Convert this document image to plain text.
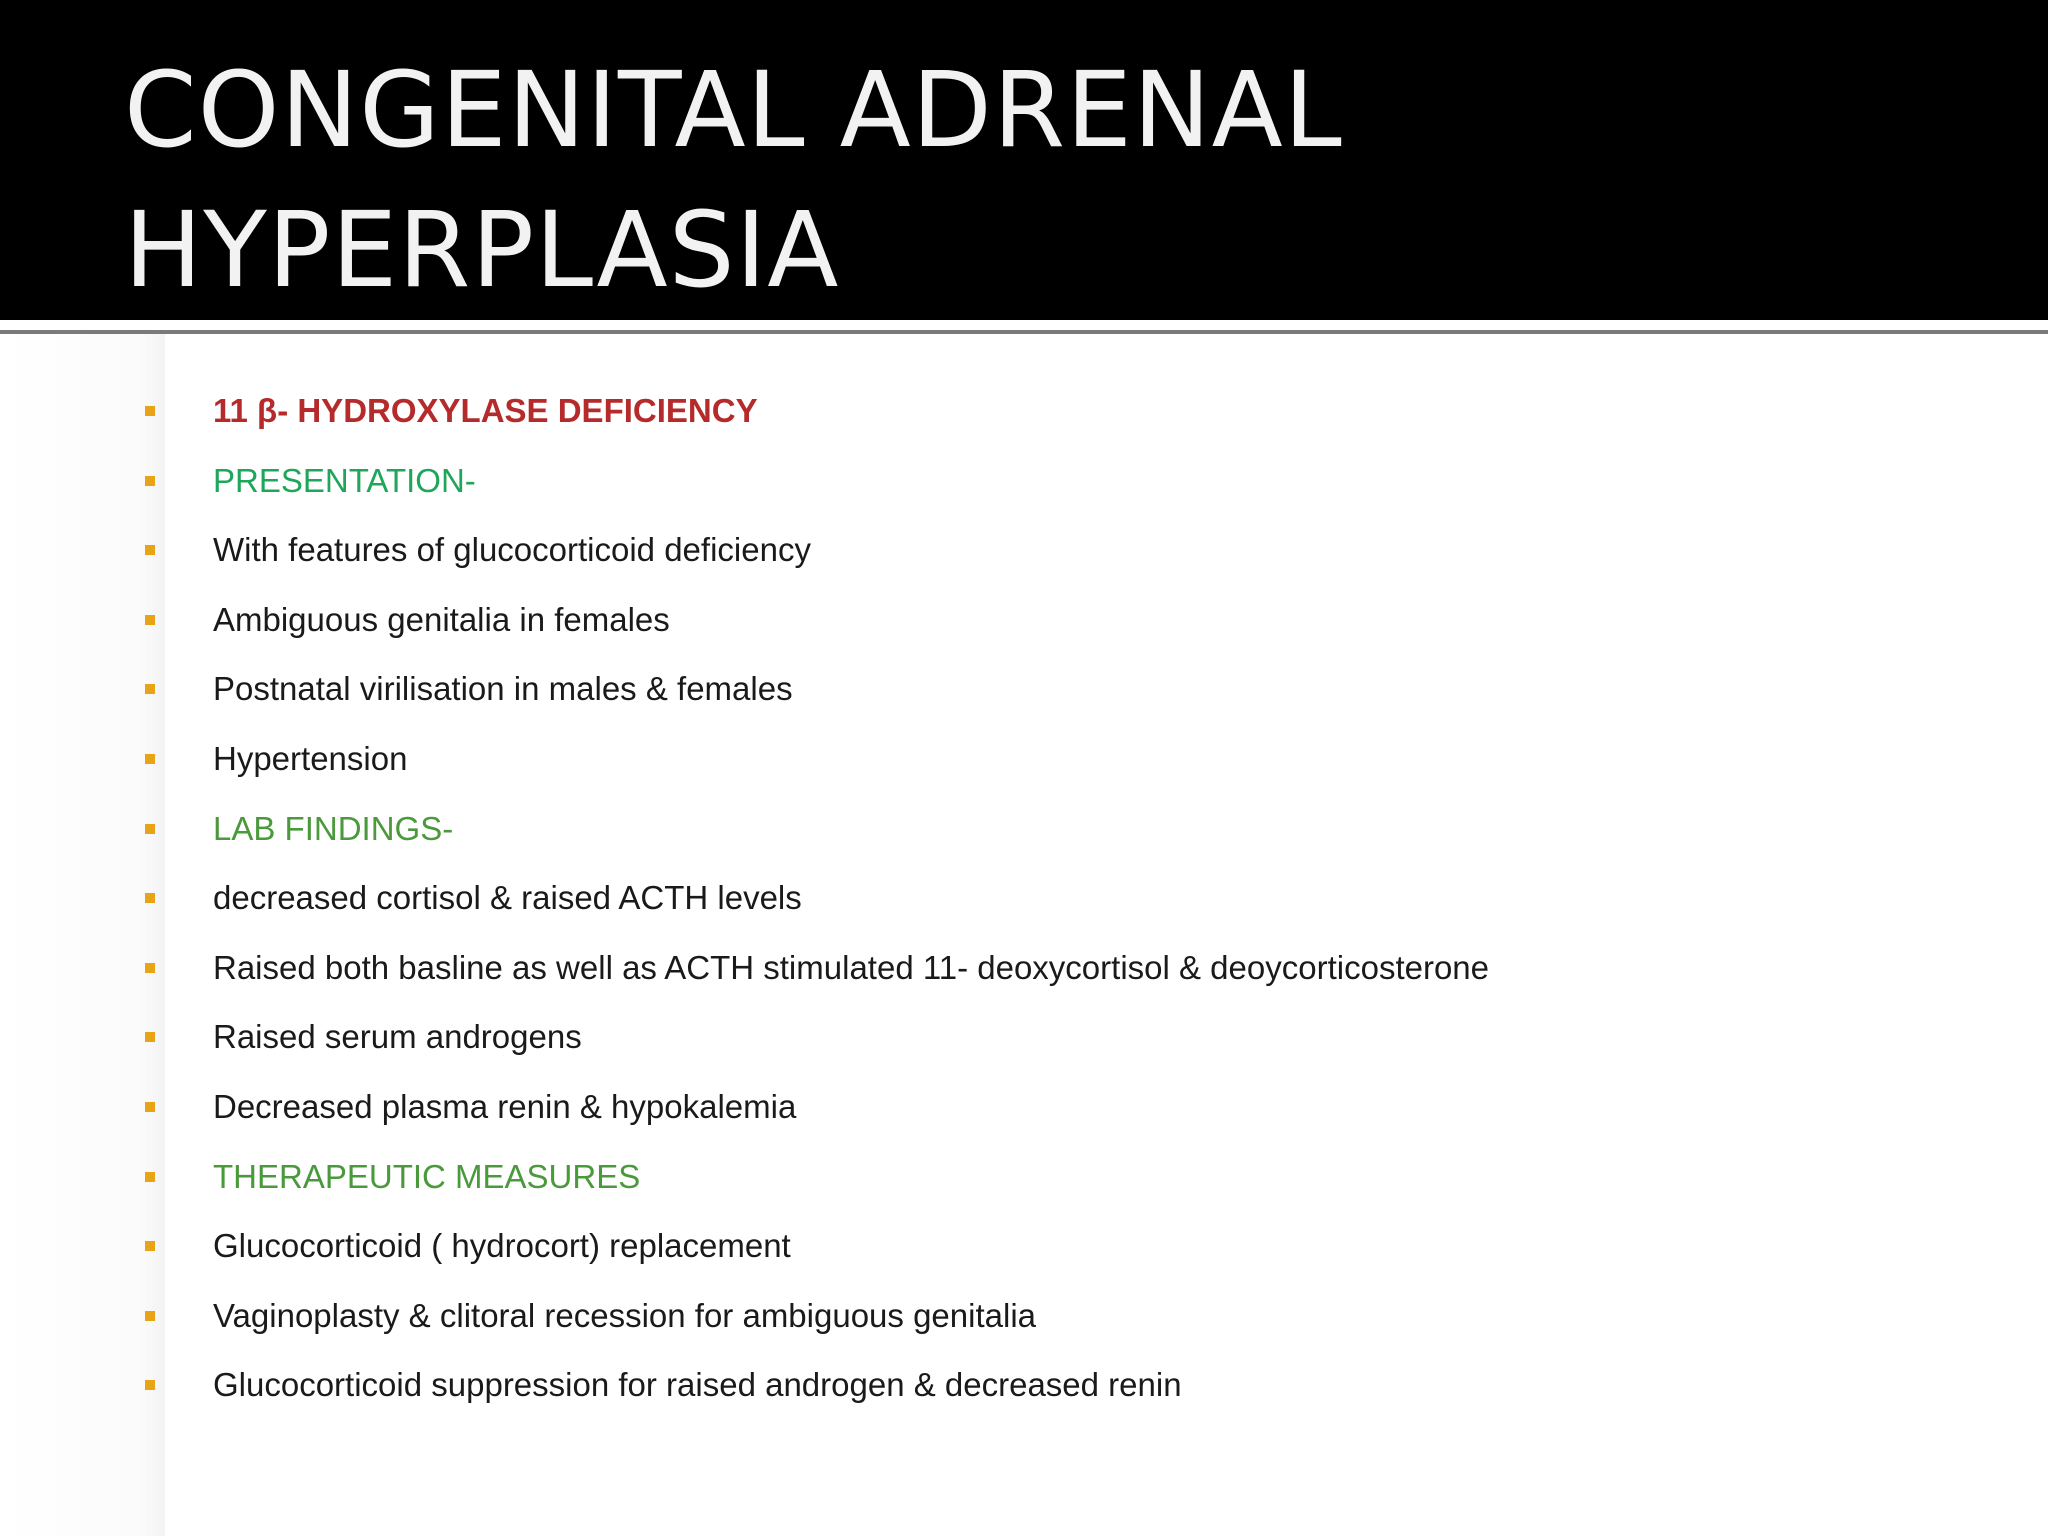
CONGENITAL ADRENAL
HYPERPLASIA
11 β- HYDROXYLASE DEFICIENCY
PRESENTATION-
With features of glucocorticoid deficiency
Ambiguous genitalia in females
Postnatal virilisation in males & females
Hypertension
LAB FINDINGS-
decreased cortisol & raised ACTH levels
Raised both basline as well as ACTH stimulated 11- deoxycortisol & deoycorticosterone
Raised serum androgens
Decreased plasma renin & hypokalemia
THERAPEUTIC MEASURES
Glucocorticoid ( hydrocort) replacement
Vaginoplasty & clitoral recession for ambiguous genitalia
Glucocorticoid suppression for raised androgen & decreased renin
